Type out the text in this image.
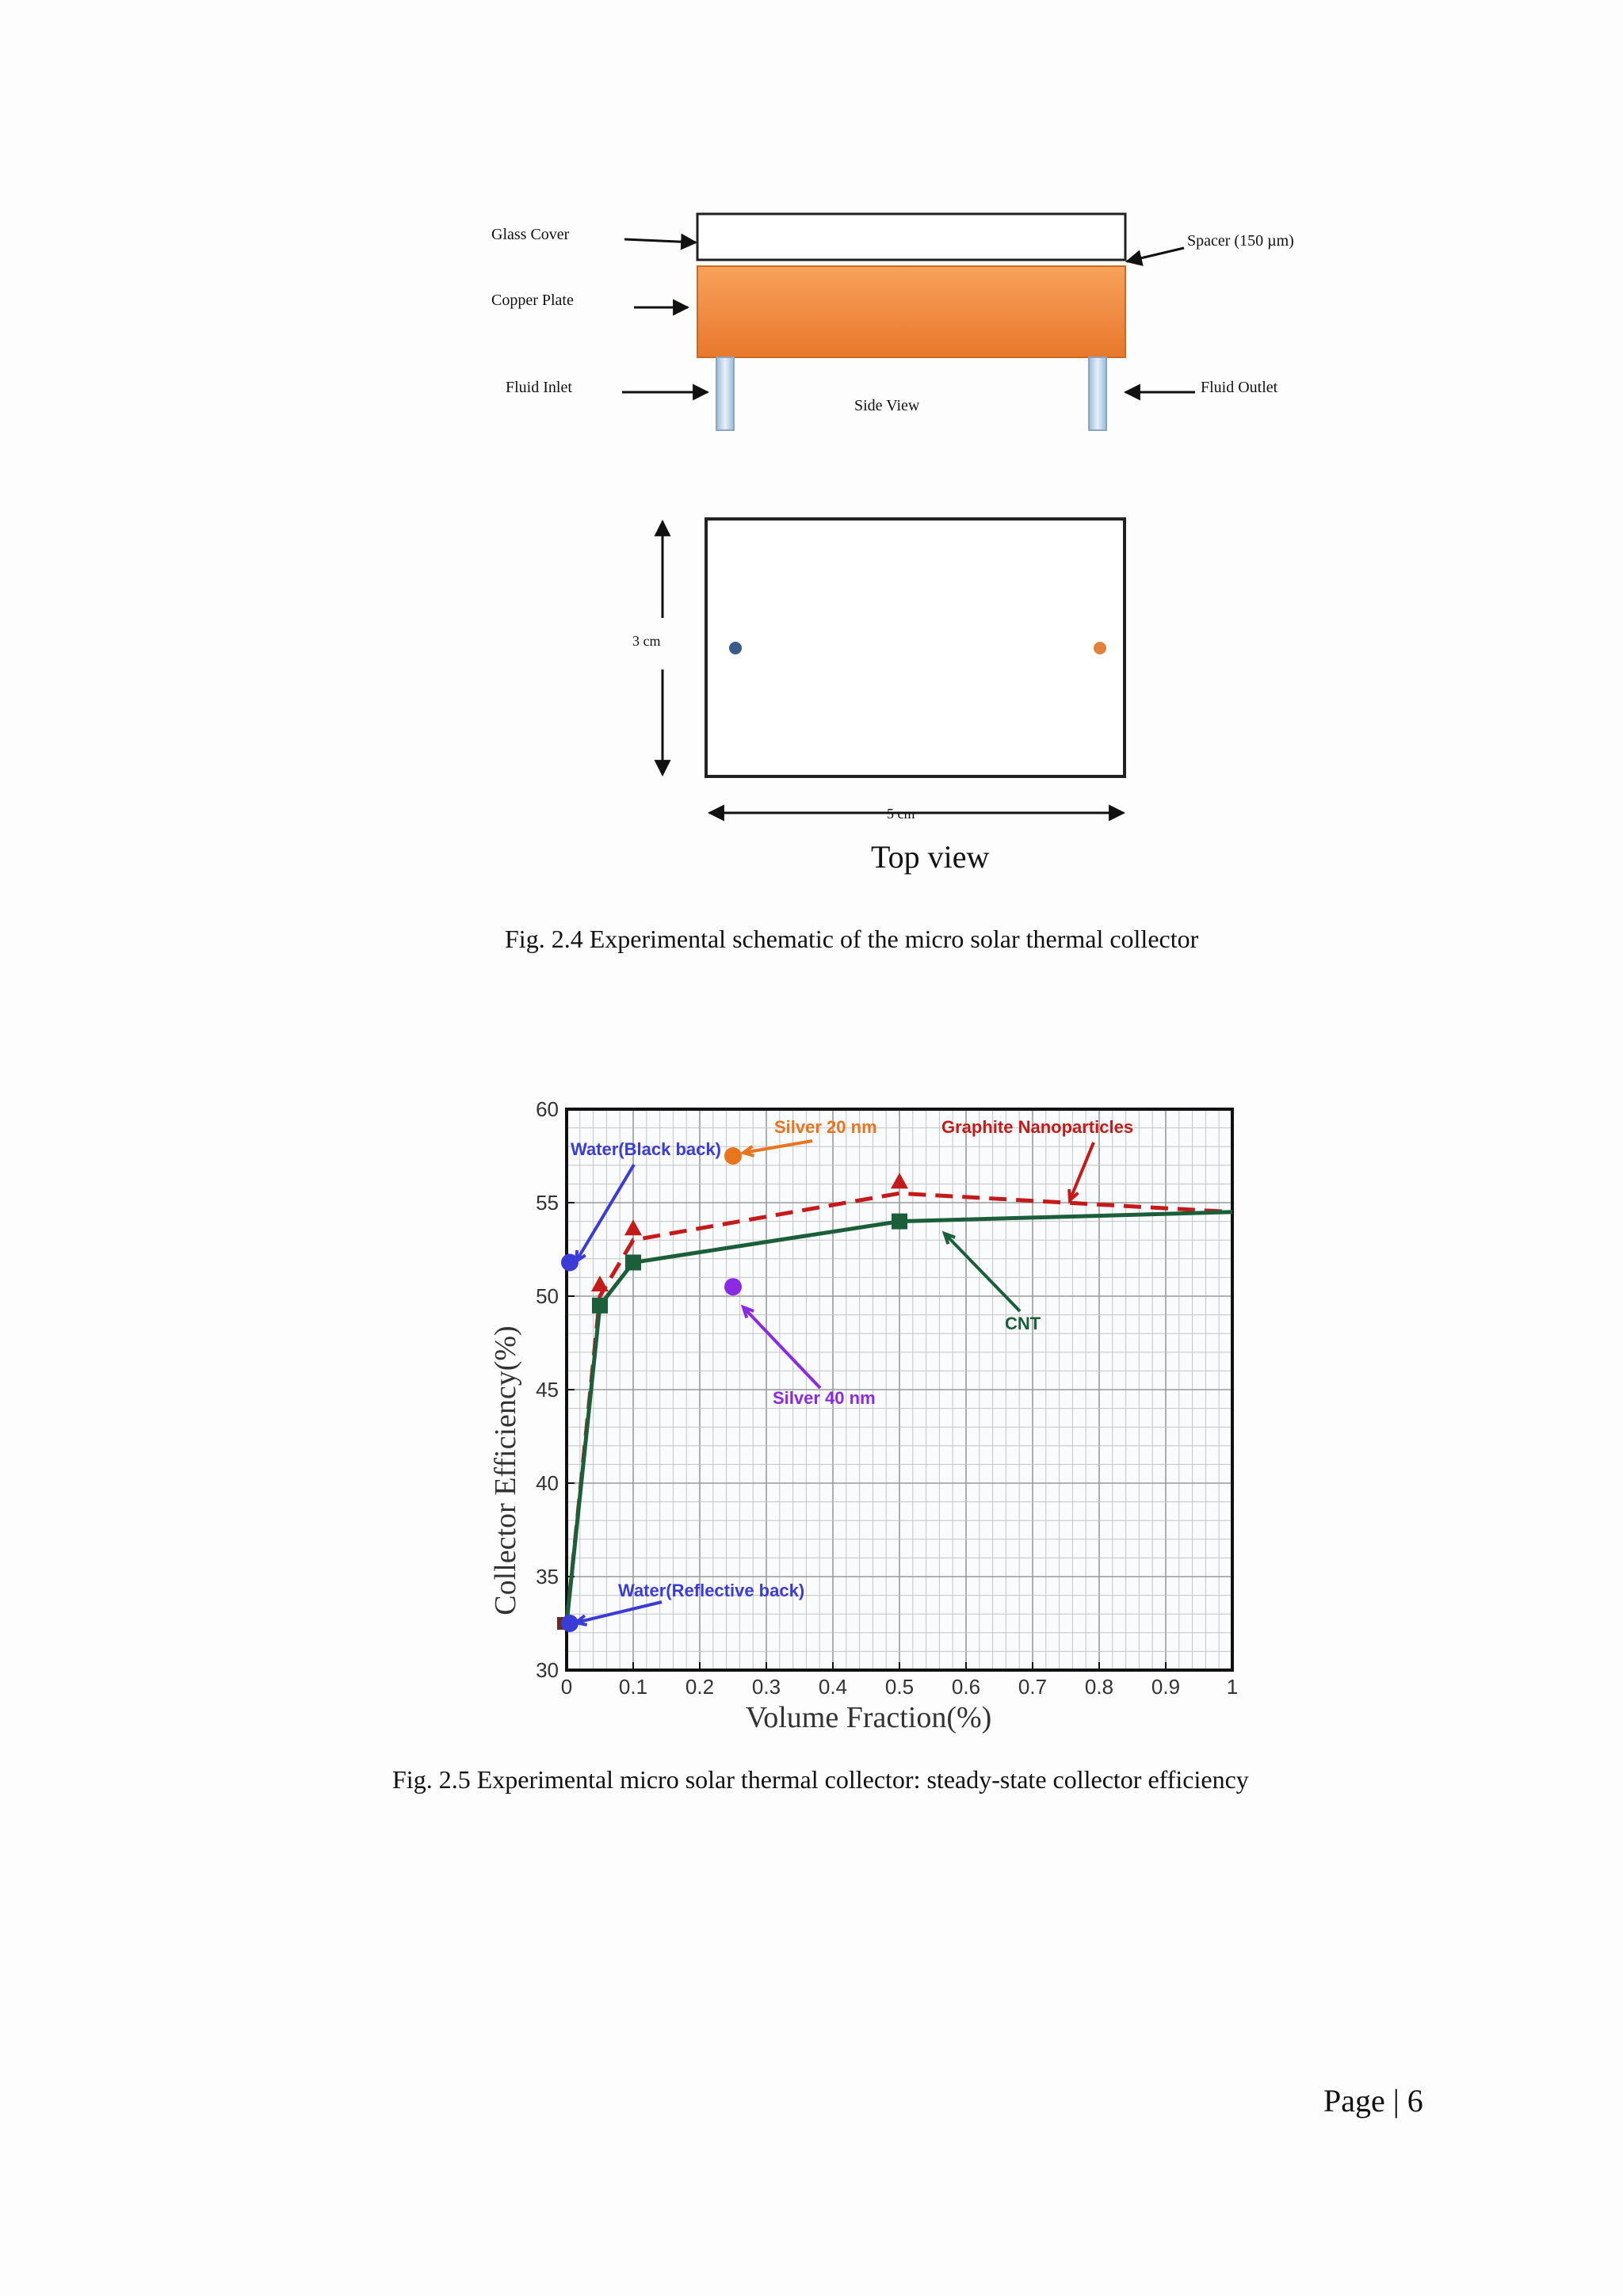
Glass Cover
Copper Plate
Fluid Inlet
Side View
Spacer (150 µm)
Fluid Outlet
3 cm
5 cm
Top view
Fig. 2.4 Experimental schematic of the micro solar thermal collector
0 0.1 0.2 0.3 0.4 0.5 0.6 0.7 0.8 0.9 1
30
35
40
45
50
55
60
Water(Black back)
Silver 20 nm	Graphite Nanoparticles
CNT
Silver 40 nm
Water(Reflective back)
Volume Fraction(%)
Collector Efficiency(%)
Fig. 2.5 Experimental micro solar thermal collector: steady-state collector efficiency
Page | 6
